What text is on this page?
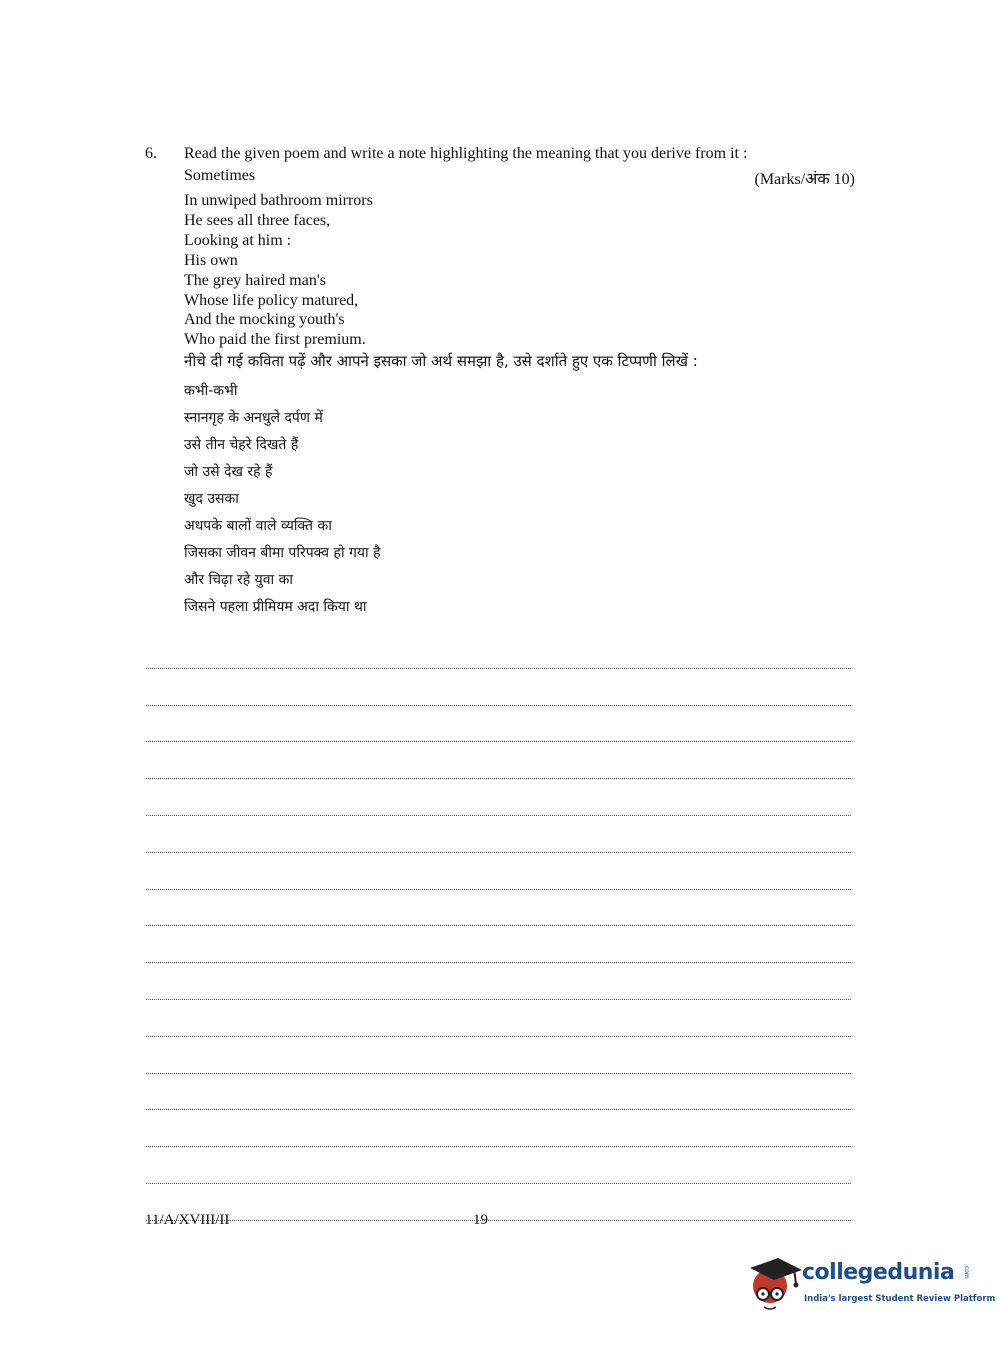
6. Read the given poem and write a note highlighting the meaning that you derive from it :
Sometimes	(Marks/अंक 10)
In unwiped bathroom mirrors
He sees all three faces,
Looking at him :
His own
The grey haired man's
Whose life policy matured,
And the mocking youth's
Who paid the first premium.
नीचे दी गई कविता पढ़ें और आपने इसका जो अर्थ समझा है, उसे दर्शाते हुए एक टिप्पणी लिखें :
कभी-कभी
स्नानगृह के अनधुले दर्पण में
उसे तीन चेहरे दिखते हैं
जो उसे देख रहे हैं
खुद उसका
अधपके बालों वाले व्यक्ति का
जिसका जीवन बीमा परिपक्व हो गया है
और चिढ़ा रहे युवा का
जिसने पहला प्रीमियम अदा किया था
11/A/XVIII/II	19
collegedunia .com
India's largest Student Review Platform
